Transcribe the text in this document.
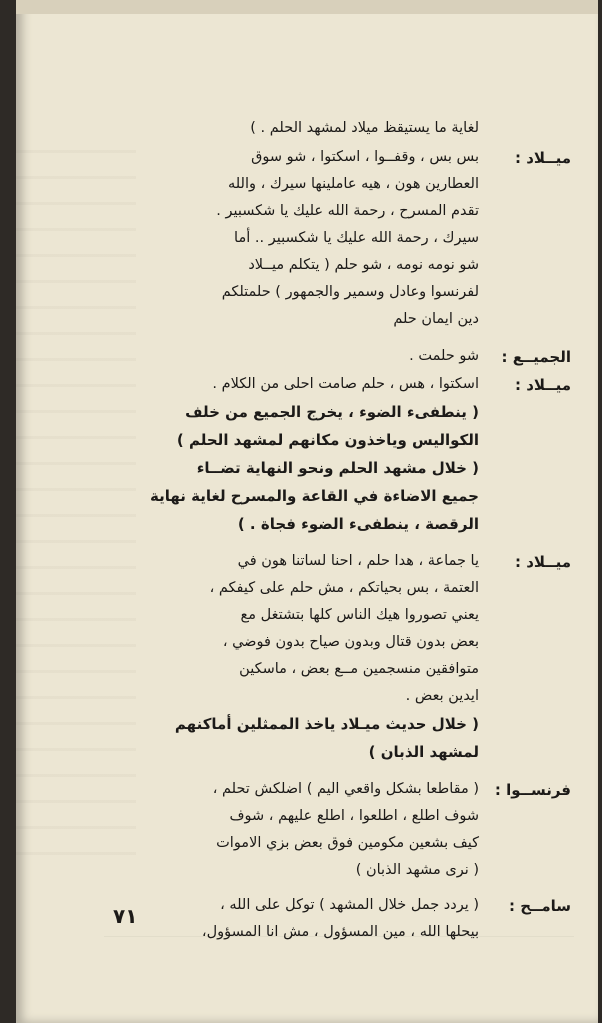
لغاية ما يستيقظ ميلاد لمشهد الحلم . )
ميــلاد :
بس بس ، وقفــوا ، اسكتوا ، شو سوق
العطارين هون ، هيه عاملينها سيرك ، والله
تقدم المسرح ، رحمة الله عليك يا شكسبير .
سيرك ، رحمة الله عليك يا شكسبير .. أما
شو نومه نومه ، شو حلم ( يتكلم ميــلاد
لفرنسوا وعادل وسمير والجمهور ) حلمتلكم
دين ايمان حلم
الجميــع :
شو حلمت .
ميــلاد :
اسكتوا ، هس ، حلم صامت احلى من الكلام .
( ينطفىء الضوء ، يخرج الجميع من خلف
الكواليس وياخذون مكانهم لمشهد الحلم )
( خلال مشهد الحلم ونحو النهاية تضــاء
جميع الاضاءة في القاعة والمسرح لغاية نهاية
الرقصة ، ينطفىء الضوء فجاة . )
ميــلاد :
يا جماعة ، هدا حلم ، احنا لساتنا هون في
العتمة ، بس بحياتكم ، مش حلم على كيفكم ،
يعني تصوروا هيك الناس كلها بتشتغل مع
بعض بدون قتال وبدون صياح بدون فوضي ،
متوافقين منسجمين مــع بعض ، ماسكين
ايدين بعض .
( خلال حديث ميـلاد ياخذ الممثلين أماكنهم
لمشهد الذبان )
فرنســوا :
( مقاطعا بشكل واقعي اليم ) اضلكش تحلم ،
شوف اطلع ، اطلعوا ، اطلع عليهم ، شوف
كيف بشعين مكومين فوق بعض بزي الاموات
( نرى مشهد الذبان )
سامــح :
( يردد جمل خلال المشهد ) توكل على الله ،
بيحلها الله ، مين المسؤول ، مش انا المسؤول،
٧١
